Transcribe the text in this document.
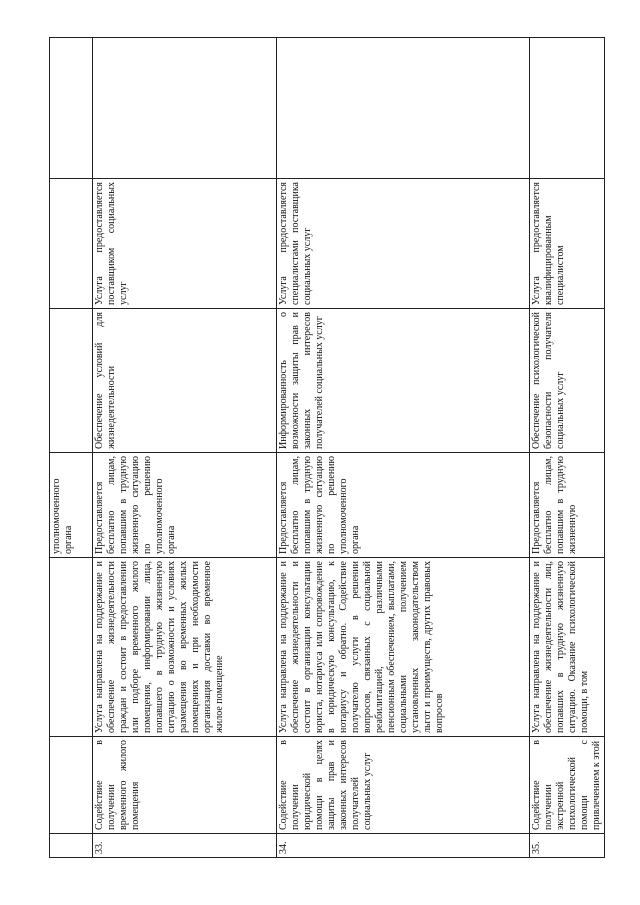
			уполномоченного органа			
33.	Содействие в получении временного жилого помещения	Услуга направлена на поддержание и обеспечение жизнедеятельности граждан и состоит в предоставлении или подборе временного жилого помещения, информировании лица, попавшего в трудную жизненную ситуацию о возможности и условиях размещения во временных жилых помещениях и при необходимости организация доставки во временное жилое помещение	Предоставляется бесплатно лицам, попавшим в трудную жизненную ситуацию по решению уполномоченного органа	Обеспечение условий для жизнедеятельности	Услуга предоставляется поставщиком социальных услуг	
34.	Содействие в получении юридической помощи в целях защиты прав и законных интересов получателей социальных услуг	Услуга направлена на поддержание и обеспечение жизнедеятельности и состоит в организации консультации юриста, нотариуса или сопровождение в юридическую консультацию, к нотариусу и обратно. Содействие получателю услуги в решении вопросов, связанных с социальной реабилитацией, различными пенсионным обеспечением, выплатами, социальными получением установленных законодательством льгот и преимуществ, других правовых вопросов	Предоставляется бесплатно лицам, попавшим в трудную жизненную ситуацию по решению уполномоченного органа	Информированность о возможности защиты прав и законных интересов получателей социальных услуг	Услуга предоставляется специалистами поставщика социальных услуг	
35.	Содействие в получении экстренной психологической помощи с привлечением к этой	Услуга направлена на поддержание и обеспечение жизнедеятельности лиц, попавших в трудную жизненную ситуацию. Оказание психологической помощи, в том	Предоставляется бесплатно лицам, попавшим в трудную жизненную	Обеспечение психологической безопасности получателя социальных услуг	Услуга предоставляется квалифицированным специалистом	
